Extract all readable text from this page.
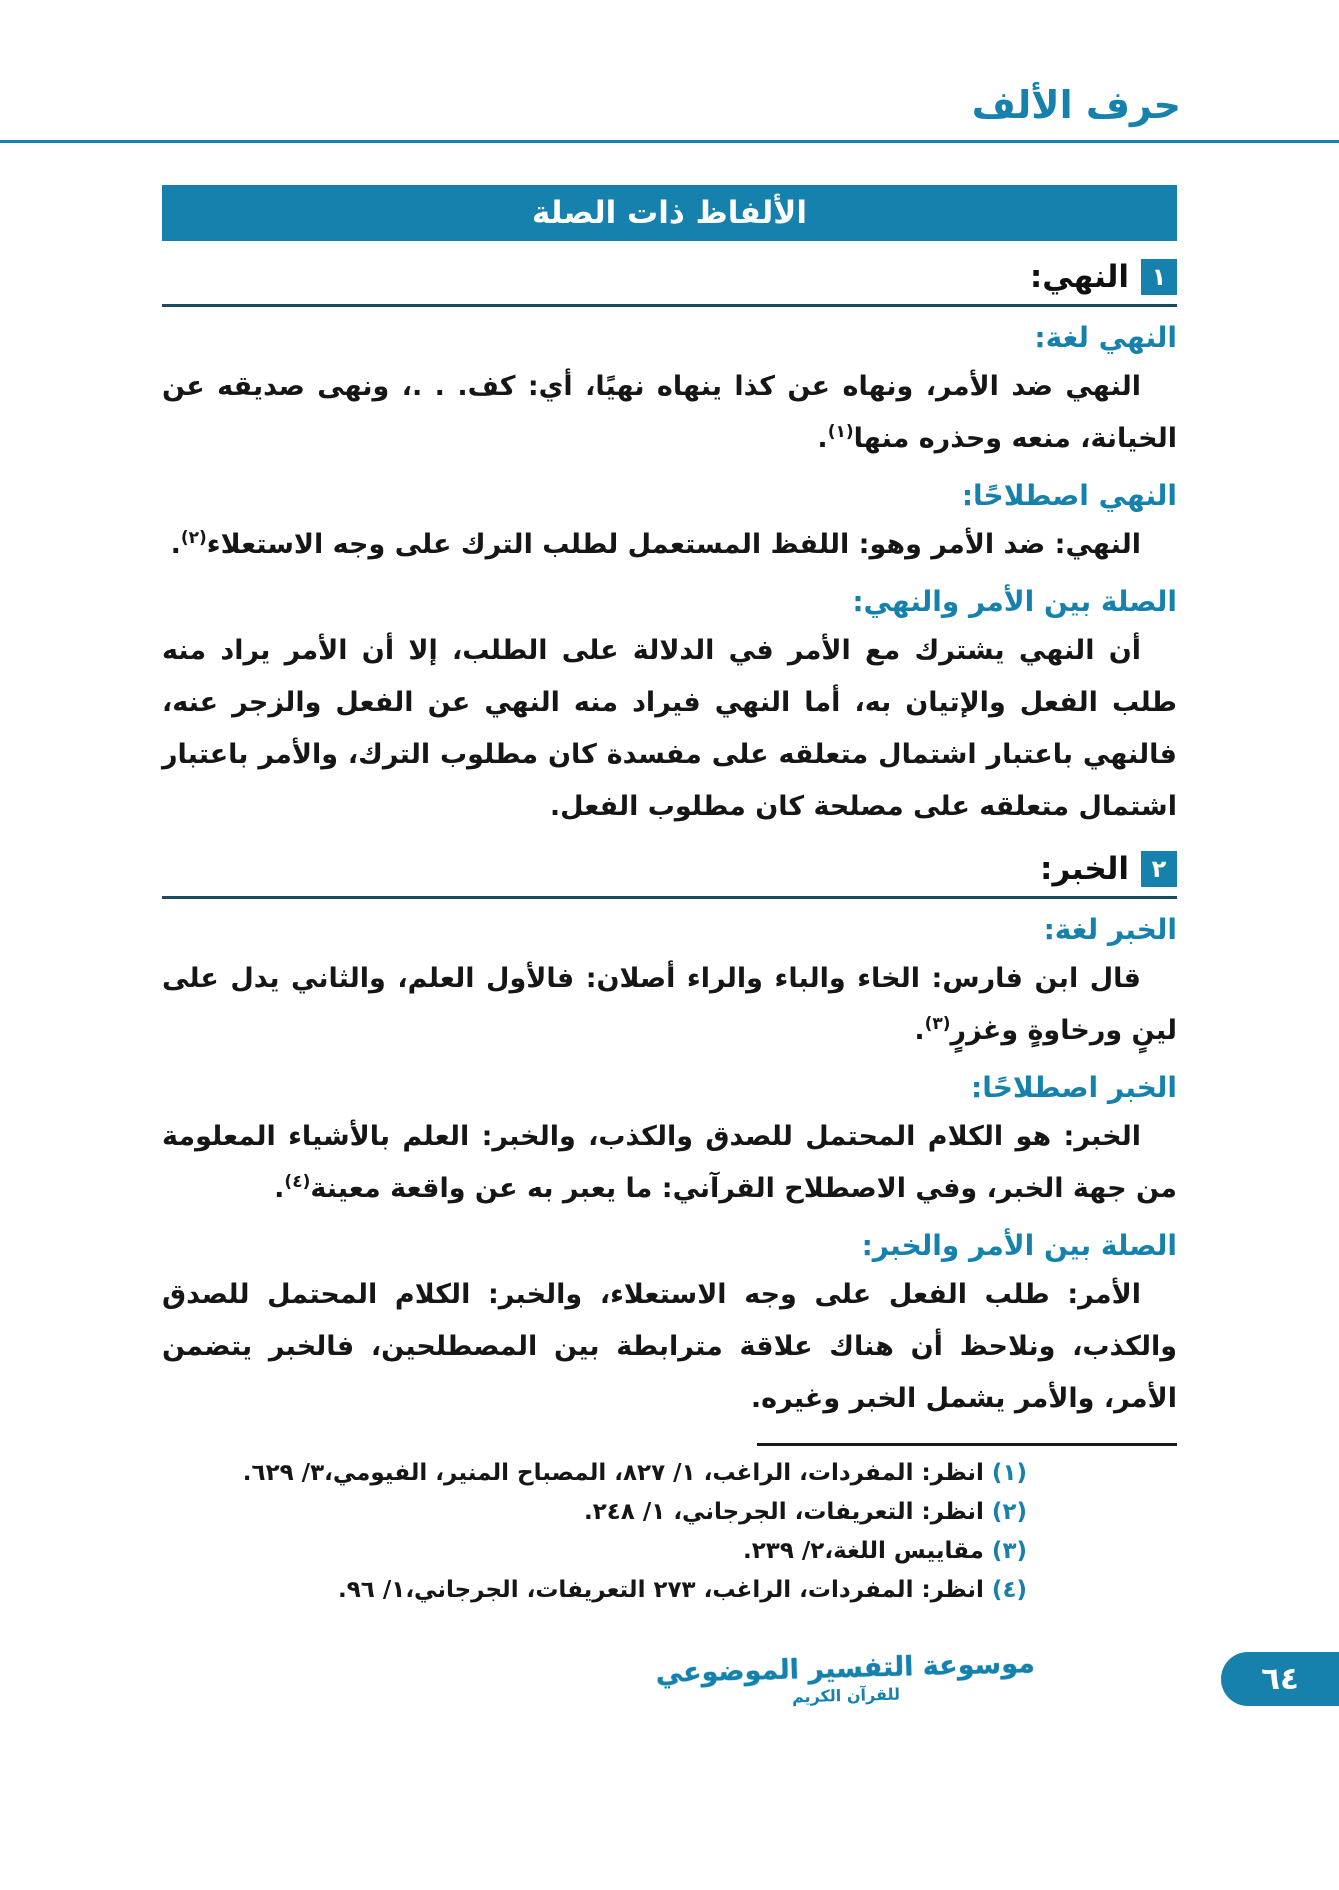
حرف الألف
الألفاظ ذات الصلة
١
النهي:
النهي لغة:

النهي ضد الأمر، ونهاه عن كذا ينهاه نهيًا، أي: كف. . .، ونهى صديقه عن الخيانة، منعه وحذره منها$^{(١)}$.

النهي اصطلاحًا:

النهي: ضد الأمر وهو: اللفظ المستعمل لطلب الترك على وجه الاستعلاء$^{(٢)}$.

الصلة بين الأمر والنهي:

أن النهي يشترك مع الأمر في الدلالة على الطلب، إلا أن الأمر يراد منه طلب الفعل والإتيان به، أما النهي فيراد منه النهي عن الفعل والزجر عنه، فالنهي باعتبار اشتمال متعلقه على مفسدة كان مطلوب الترك، والأمر باعتبار اشتمال متعلقه على مصلحة كان مطلوب الفعل.

٢
الخبر:
الخبر لغة:

قال ابن فارس: الخاء والباء والراء أصلان: فالأول العلم، والثاني يدل على لينٍ ورخاوةٍ وغزرٍ$^{(٣)}$.

الخبر اصطلاحًا:

الخبر: هو الكلام المحتمل للصدق والكذب، والخبر: العلم بالأشياء المعلومة من جهة الخبر، وفي الاصطلاح القرآني: ما يعبر به عن واقعة معينة$^{(٤)}$.

الصلة بين الأمر والخبر:

الأمر: طلب الفعل على وجه الاستعلاء، والخبر: الكلام المحتمل للصدق والكذب، ونلاحظ أن هناك علاقة مترابطة بين المصطلحين، فالخبر يتضمن الأمر، والأمر يشمل الخبر وغيره.

(١) انظر: المفردات، الراغب، ١/ ٨٢٧، المصباح المنير، الفيومي،٣/ ٦٢٩.
(٢) انظر: التعريفات، الجرجاني، ١/ ٢٤٨.
(٣) مقاييس اللغة،٢/ ٢٣٩.
(٤) انظر: المفردات، الراغب، ٢٧٣ التعريفات، الجرجاني،١/ ٩٦.
٦٤
موسوعة التفسير الموضوعي
للقرآن الكريم
